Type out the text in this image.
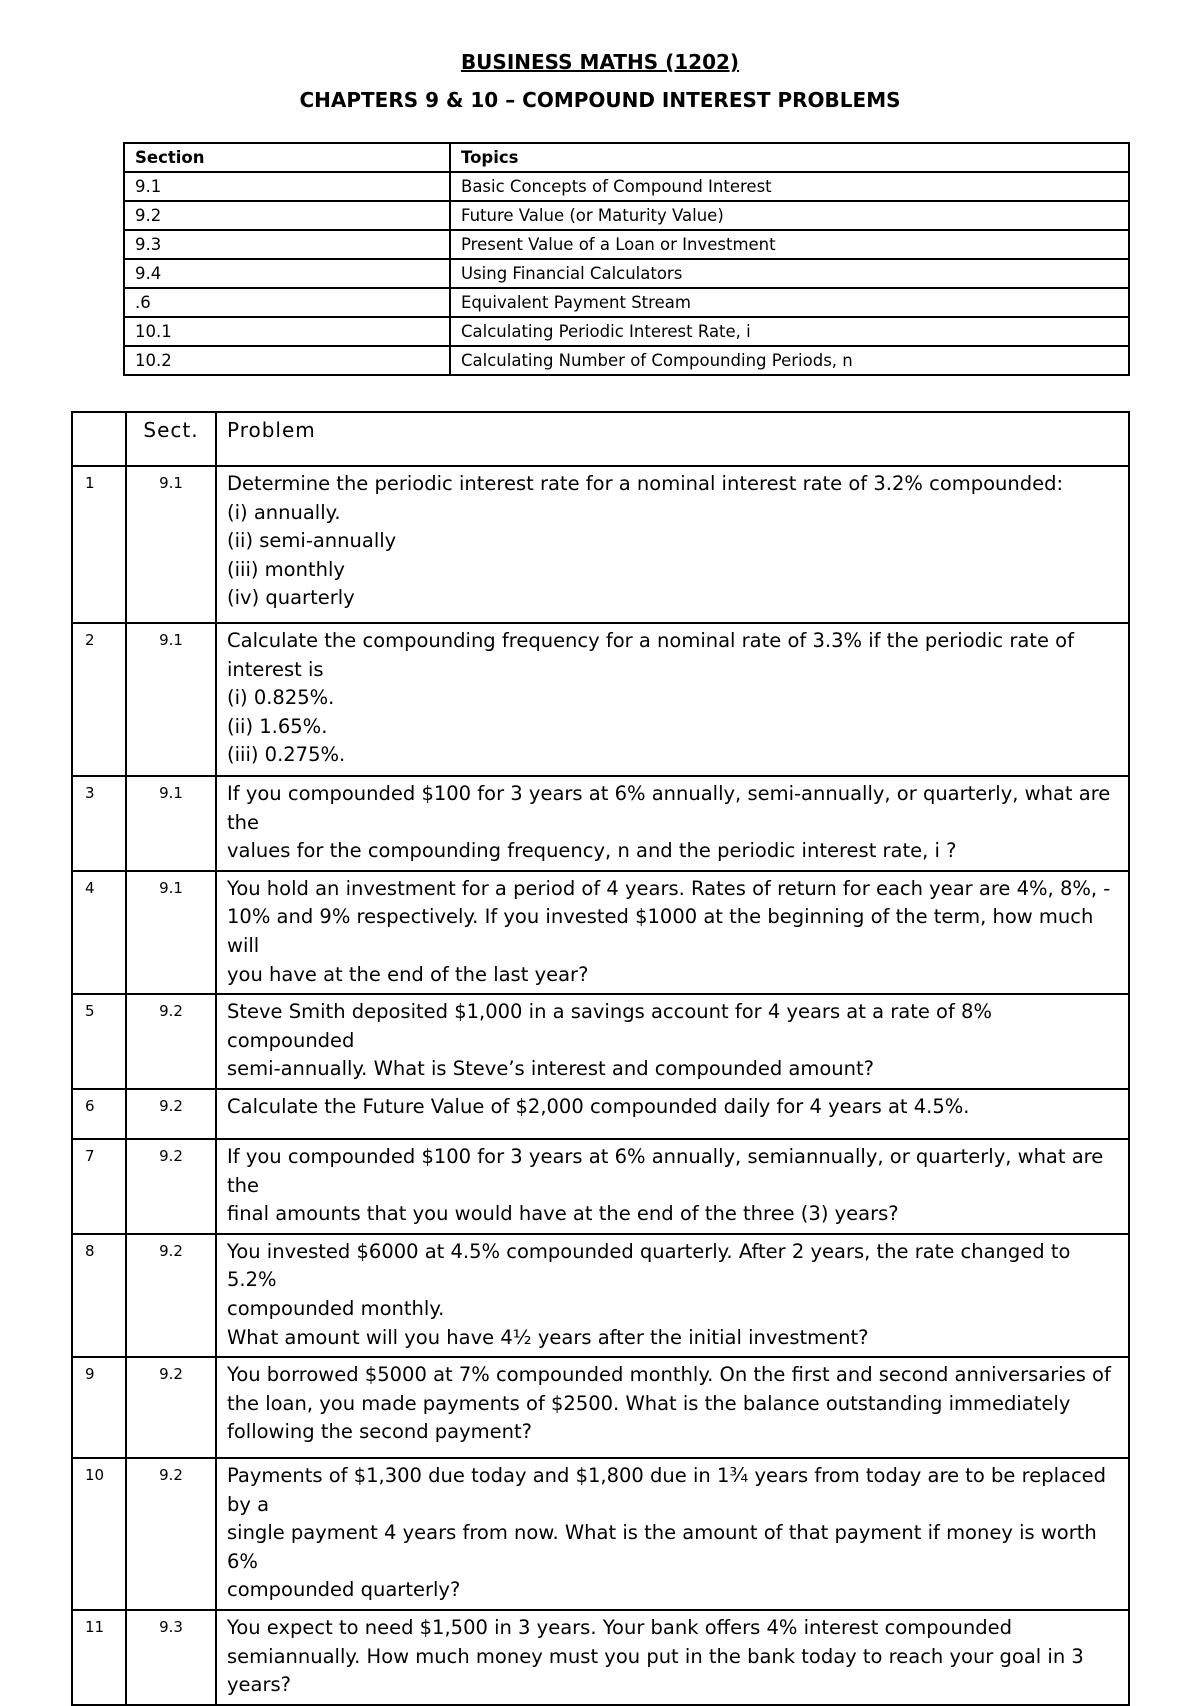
BUSINESS MATHS (1202)
CHAPTERS 9 & 10 – COMPOUND INTEREST PROBLEMS
Section	Topics
9.1	Basic Concepts of Compound Interest
9.2	Future Value (or Maturity Value)
9.3	Present Value of a Loan or Investment
9.4	Using Financial Calculators
.6	Equivalent Payment Stream
10.1	Calculating Periodic Interest Rate, i
10.2	Calculating Number of Compounding Periods, n
	Sect.	Problem
1	9.1	Determine the periodic interest rate for a nominal interest rate of 3.2% compounded:
(i) annually.
(ii) semi-annually
(iii) monthly
(iv) quarterly

2	9.1	Calculate the compounding frequency for a nominal rate of 3.3% if the periodic rate of
interest is
(i) 0.825%.
(ii) 1.65%.
(iii) 0.275%.

3	9.1	If you compounded $100 for 3 years at 6% annually, semi-annually, or quarterly, what are the
values for the compounding frequency, n and the periodic interest rate, i ?

4	9.1	You hold an investment for a period of 4 years. Rates of return for each year are 4%, 8%, -
10% and 9% respectively. If you invested $1000 at the beginning of the term, how much will
you have at the end of the last year?

5	9.2	Steve Smith deposited $1,000 in a savings account for 4 years at a rate of 8% compounded
semi-annually. What is Steve’s interest and compounded amount?

6	9.2	Calculate the Future Value of $2,000 compounded daily for 4 years at 4.5%.

7	9.2	If you compounded $100 for 3 years at 6% annually, semiannually, or quarterly, what are the
final amounts that you would have at the end of the three (3) years?

8	9.2	You invested $6000 at 4.5% compounded quarterly. After 2 years, the rate changed to 5.2%
compounded monthly.
What amount will you have 4½ years after the initial investment?

9	9.2	You borrowed $5000 at 7% compounded monthly. On the first and second anniversaries of
the loan, you made payments of $2500. What is the balance outstanding immediately
following the second payment?

10	9.2	Payments of $1,300 due today and $1,800 due in 1¾ years from today are to be replaced by a
single payment 4 years from now. What is the amount of that payment if money is worth 6%
compounded quarterly?

11	9.3	You expect to need $1,500 in 3 years. Your bank offers 4% interest compounded
semiannually. How much money must you put in the bank today to reach your goal in 3
years?
